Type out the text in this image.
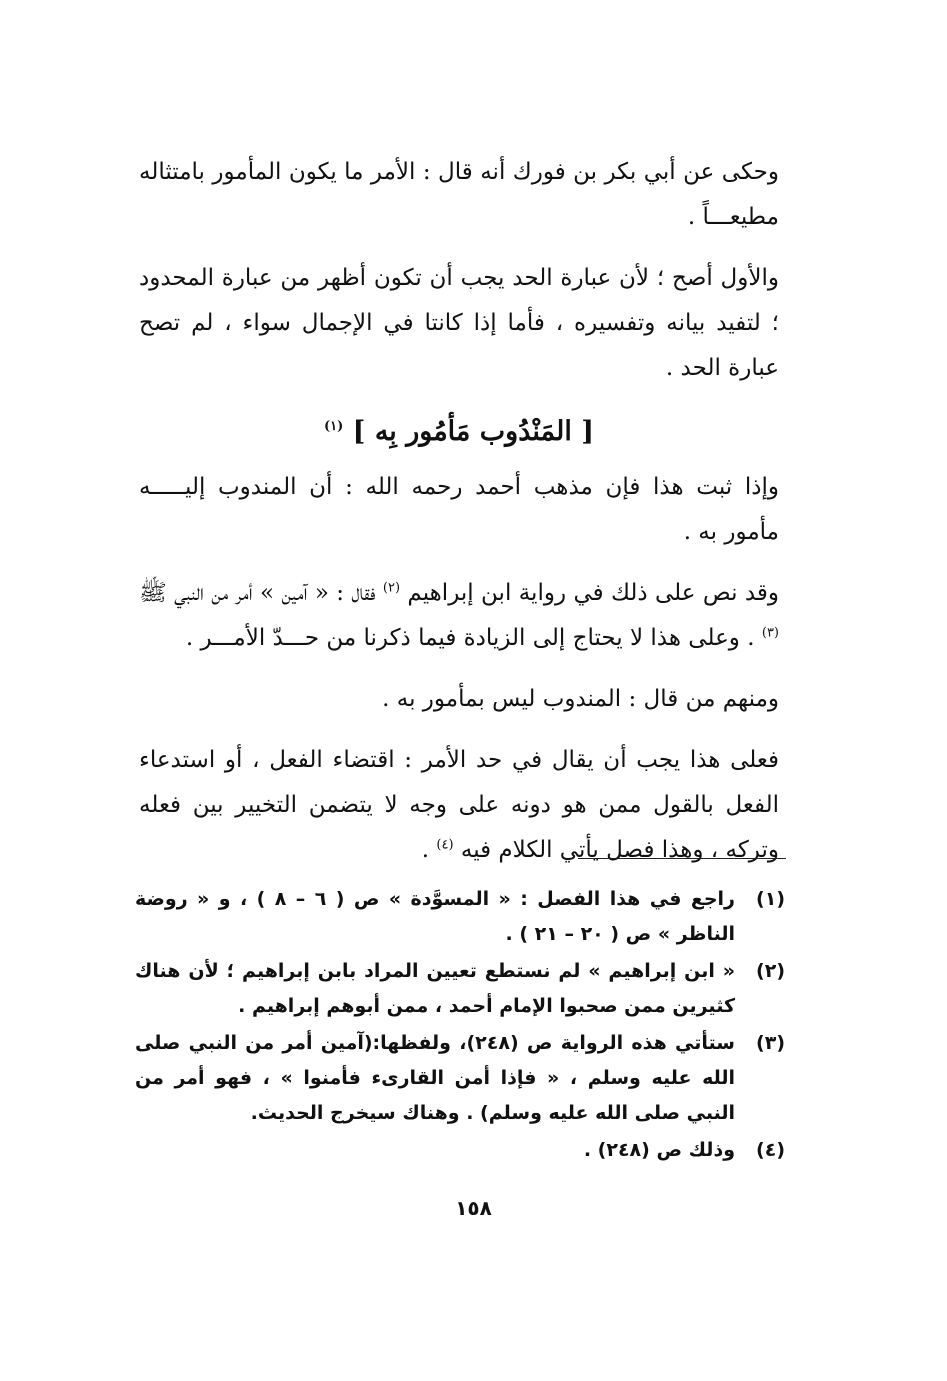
وحكى عن أبي بكر بن فورك أنه قال : الأمر ما يكون المأمور بامتثاله مطيعـــاً .

والأول أصح ؛ لأن عبارة الحد يجب أن تكون أظهر من عبارة المحدود ؛ لتفيد بيانه وتفسيره ، فأما إذا كانتا في الإجمال سواء ، لم تصح عبارة الحد .

[ المَنْدُوب مَأمُور بِه ] $^{(١)}$

وإذا ثبت هذا فإن مذهب أحمد رحمه الله : أن المندوب إليـــــه مأمور به .

وقد نص على ذلك في رواية ابن إبراهيم $^{(٢)}$ فقال : « آمين » أمر من النبي ﷺ $^{(٣)}$ . وعلى هذا لا يحتاج إلى الزيادة فيما ذكرنا من حـــدّ الأمـــر .

ومنهم من قال : المندوب ليس بمأمور به .

فعلى هذا يجب أن يقال في حد الأمر : اقتضاء الفعل ، أو استدعاء الفعل بالقول ممن هو دونه على وجه لا يتضمن التخيير بين فعله وتركه ، وهذا فصل يأتي الكلام فيه $^{(٤)}$ .

(١)
راجع في هذا الفصل : « المسوَّدة » ص ( ٦ – ٨ ) ، و « روضة الناظر » ص ( ٢٠ – ٢١ ) .
(٢)
« ابن إبراهيم » لم نستطع تعيين المراد بابن إبراهيم ؛ لأن هناك كثيرين ممن صحبوا الإمام أحمد ، ممن أبوهم إبراهيم .
(٣)
ستأتي هذه الرواية ص (٢٤٨)، ولفظها:(آمين أمر من النبي صلى الله عليه وسلم ، « فإذا أمن القارىء فأمنوا » ، فهو أمر من النبي صلى الله عليه وسلم) . وهناك سيخرج الحديث.
(٤)
وذلك ص (٢٤٨) .
١٥٨
